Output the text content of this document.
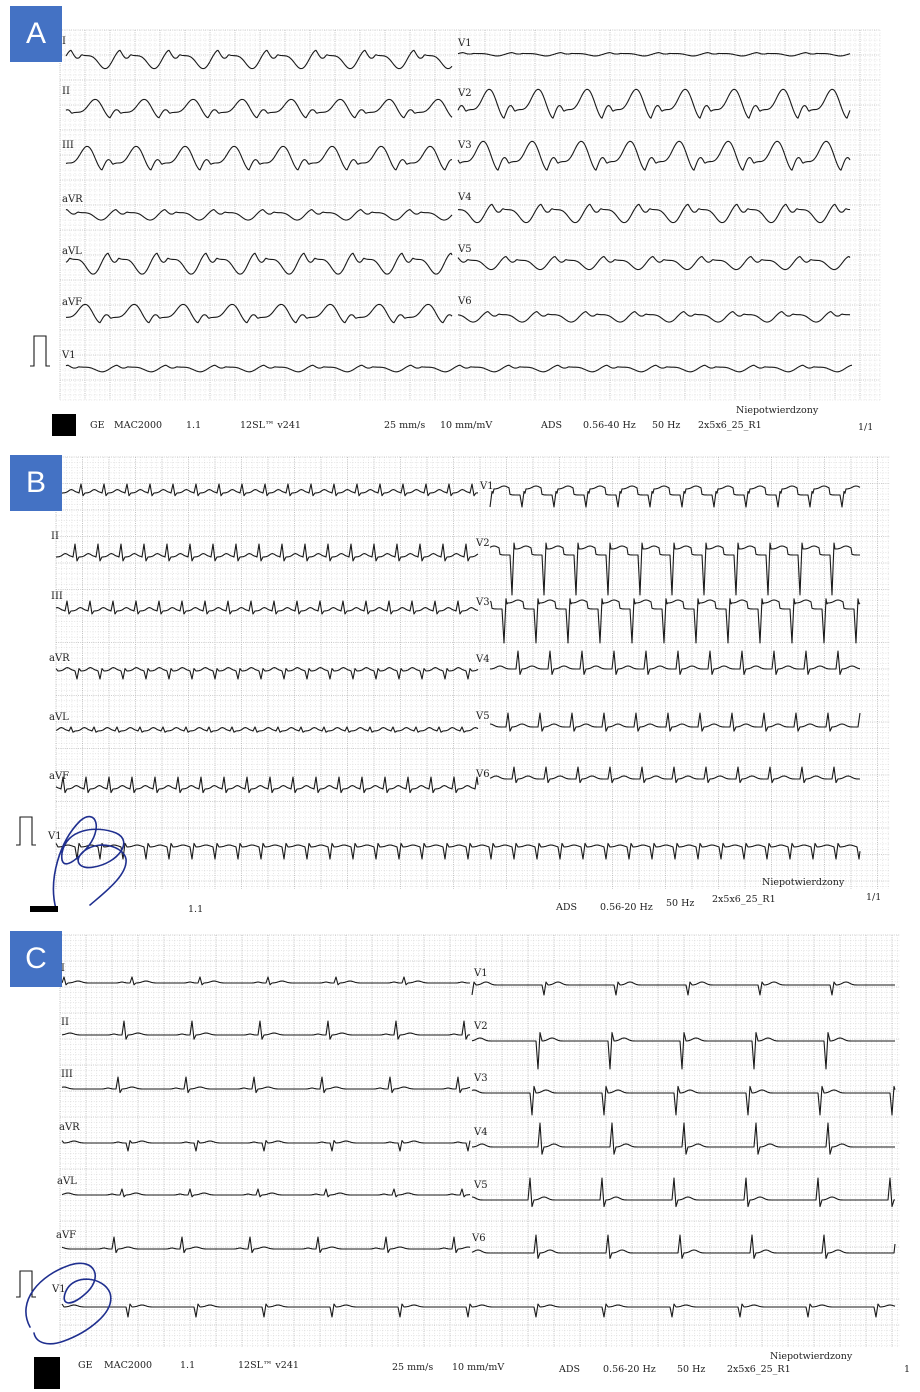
A	I
II
III
aVR
aVL
aVF
V1
V2
V3
V4
V5
V6
V1
GE MAC2000	1.1	12SL™ v241	25 mm/s 10 mm/mV	ADS 0.56-40 Hz 50 Hz 2x5x6_25_R1
Niepotwierdzony
1/1
B
II
III
aVR
aVL
aVF
V1
V2
V3
V4
V5
V6
V1
1.1	ADS 0.56-20 Hz 50 Hz 2x5x6_25_R1
Niepotwierdzony
1/1
C	I
II
III
aVR
aVL
aVF
V1
V2
V3
V4
V5
V6
V1
GE MAC2000	1.1	12SL™ v241	25 mm/s 10 mm/mV	ADS 0.56-20 Hz 50 Hz 2x5x6_25_R1
Niepotwierdzony
1
